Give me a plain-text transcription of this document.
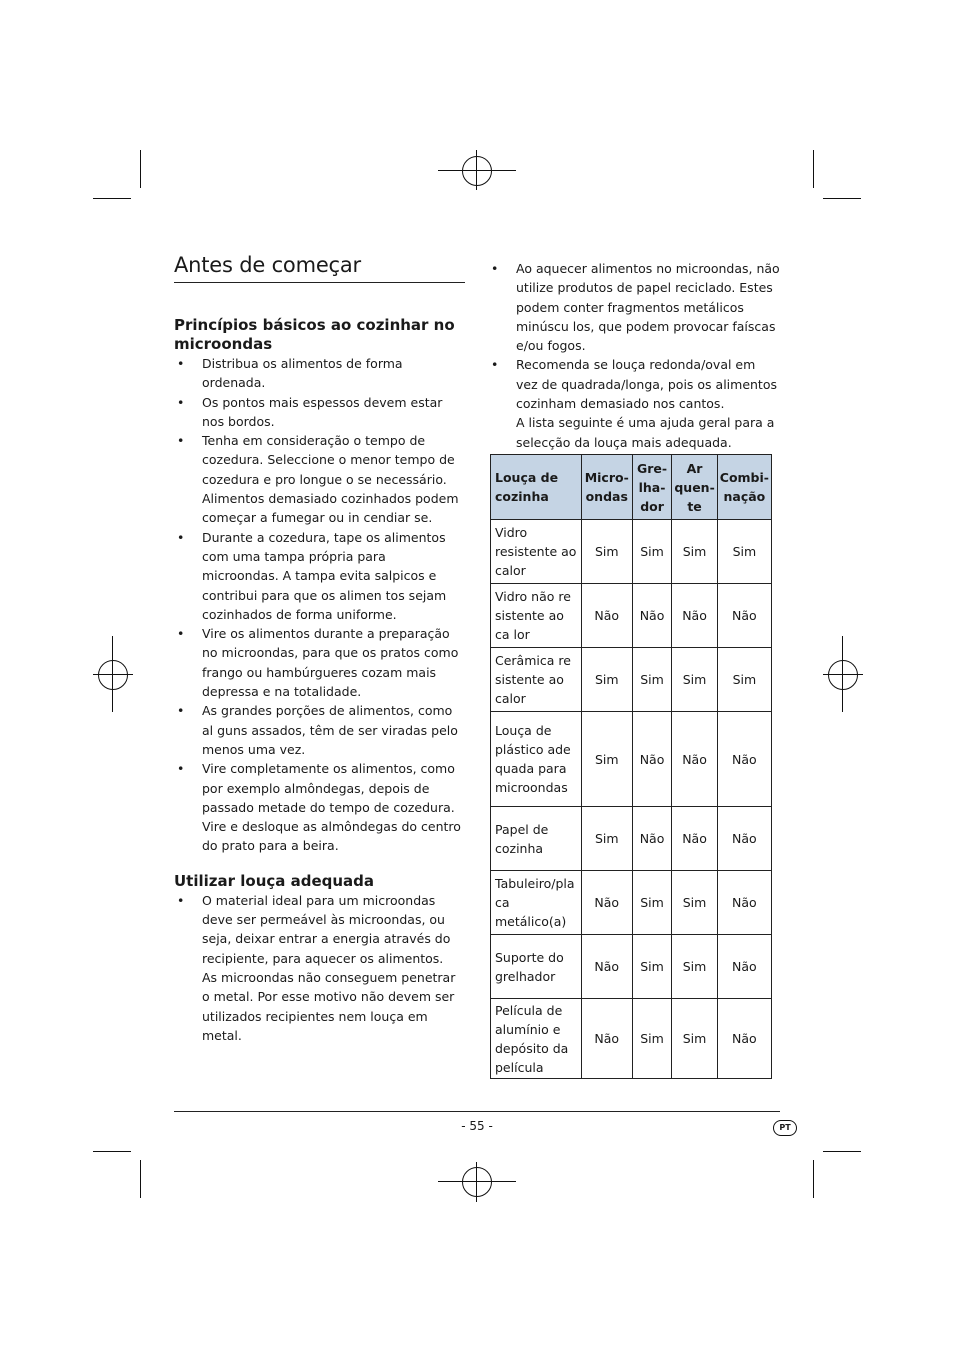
Antes de começar
Princípios básicos ao cozinhar no microondas
• Distribua os alimentos de forma ordenada.
• Os pontos mais espessos devem estar nos bordos.
• Tenha em consideração o tempo de cozedura. Seleccione o menor tempo de cozedura e pro longue o se necessário. Alimentos demasiado cozinhados podem começar a fumegar ou in cendiar se.
• Durante a cozedura, tape os alimentos com uma tampa própria para microondas. A tampa evita salpicos e contribui para que os alimen tos sejam cozinhados de forma uniforme.
• Vire os alimentos durante a preparação no microondas, para que os pratos como frango ou hambúrgueres cozam mais depressa e na totalidade.
• As grandes porções de alimentos, como al guns assados, têm de ser viradas pelo menos uma vez.
• Vire completamente os alimentos, como por exemplo almôndegas, depois de passado metade do tempo de cozedura. Vire e desloque as almôndegas do centro do prato para a beira.
Utilizar louça adequada
• O material ideal para um microondas deve ser permeável às microondas, ou seja, deixar entrar a energia através do recipiente, para aquecer os alimentos.
As microondas não conseguem penetrar o metal. Por esse motivo não devem ser utilizados recipientes nem louça em metal.
• Ao aquecer alimentos no microondas, não utilize produtos de papel reciclado. Estes podem conter fragmentos metálicos minúscu los, que podem provocar faíscas e/ou fogos.
• Recomenda se louça redonda/oval em vez de quadrada/longa, pois os alimentos cozinham demasiado nos cantos.
A lista seguinte é uma ajuda geral para a selecção da louça mais adequada.
Louça de cozinha	Micro- ondas	Gre- lha- dor	Ar quen- te	Combi- nação
Vidro resistente ao calor	Sim	Sim	Sim	Sim
Vidro não re sistente ao ca lor	Não	Não	Não	Não
Cerâmica re sistente ao calor	Sim	Sim	Sim	Sim
Louça de plástico ade quada para microondas	Sim	Não	Não	Não
Papel de cozinha	Sim	Não	Não	Não
Tabuleiro/pla ca metálico(a)	Não	Sim	Sim	Não
Suporte do grelhador	Não	Sim	Sim	Não
Película de alumínio e depósito da película	Não	Sim	Sim	Não
- 55 -	PT
